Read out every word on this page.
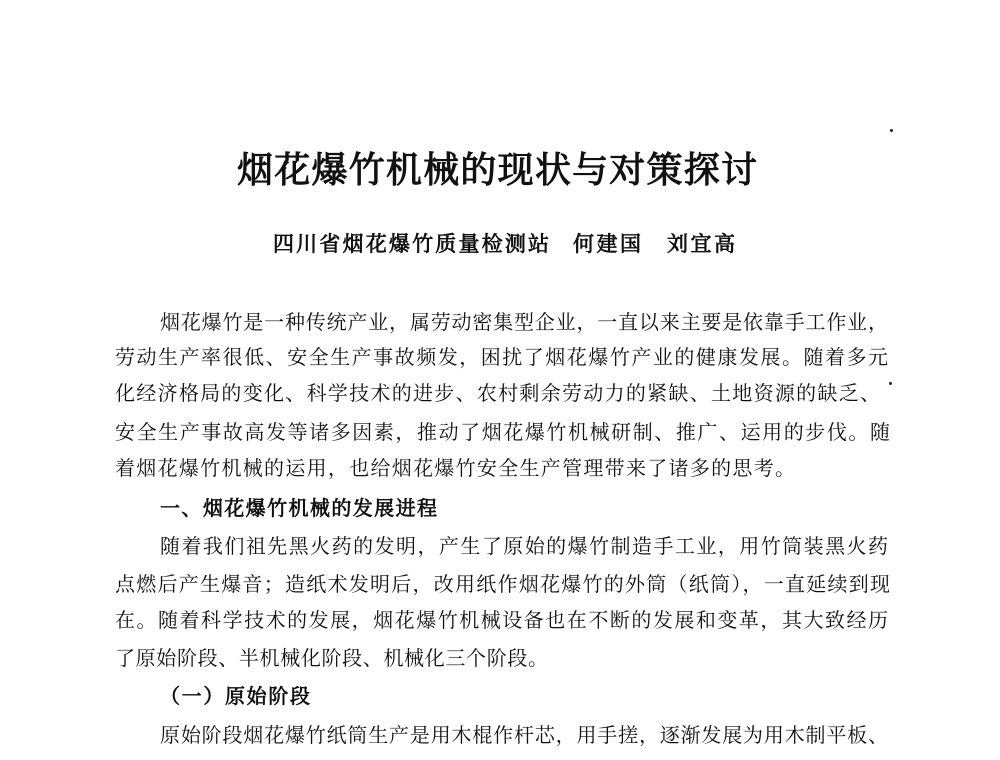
烟花爆竹机械的现状与对策探讨
四川省烟花爆竹质量检测站 何建国 刘宜高
烟花爆竹是一种传统产业，属劳动密集型企业，一直以来主要是依靠手工作业，
劳动生产率很低、安全生产事故频发，困扰了烟花爆竹产业的健康发展。随着多元
化经济格局的变化、科学技术的进步、农村剩余劳动力的紧缺、土地资源的缺乏、
安全生产事故高发等诸多因素，推动了烟花爆竹机械研制、推广、运用的步伐。随
着烟花爆竹机械的运用，也给烟花爆竹安全生产管理带来了诸多的思考。
一、烟花爆竹机械的发展进程
随着我们祖先黑火药的发明，产生了原始的爆竹制造手工业，用竹筒装黑火药
点燃后产生爆音；造纸术发明后，改用纸作烟花爆竹的外筒（纸筒），一直延续到现
在。随着科学技术的发展，烟花爆竹机械设备也在不断的发展和变革，其大致经历
了原始阶段、半机械化阶段、机械化三个阶段。
（一）原始阶段
原始阶段烟花爆竹纸筒生产是用木棍作杆芯，用手搓，逐渐发展为用木制平板、
